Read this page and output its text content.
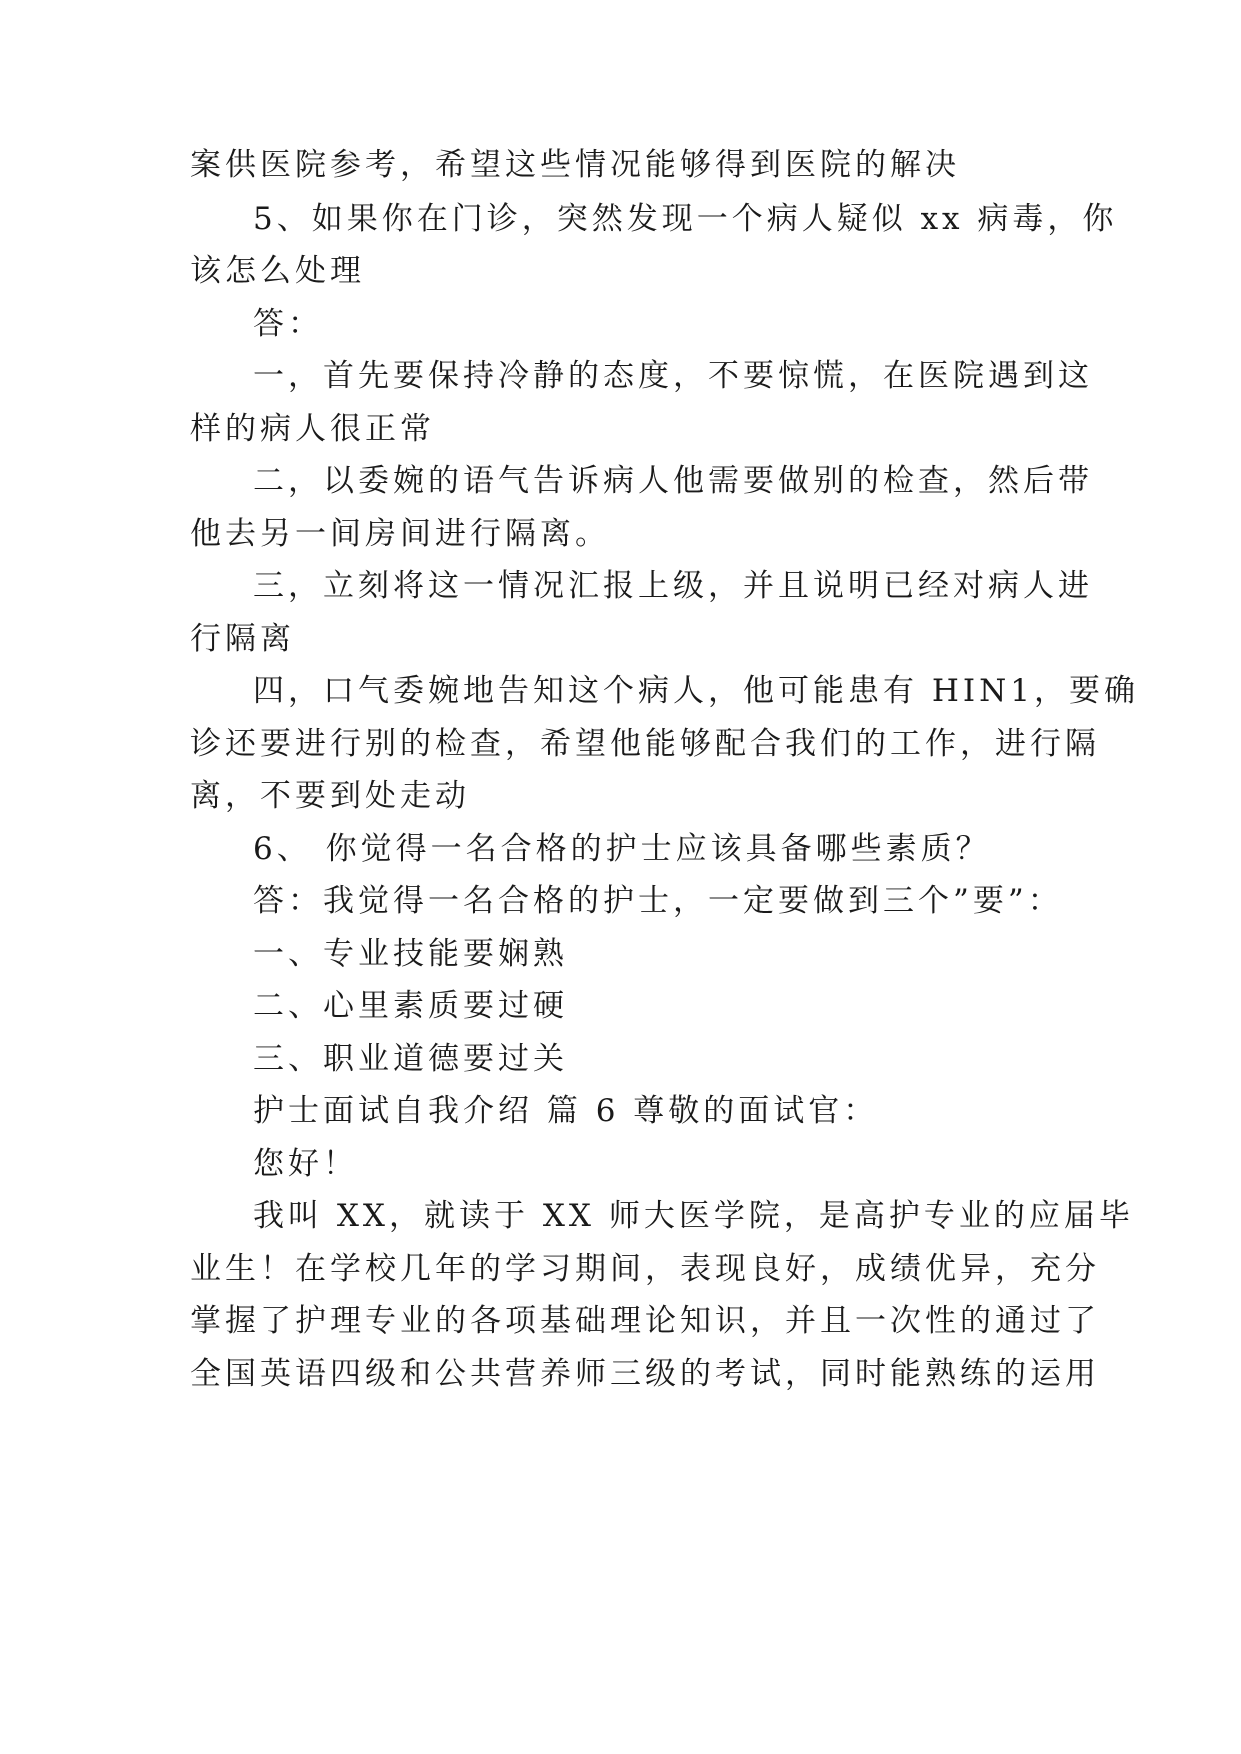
案供医院参考，希望这些情况能够得到医院的解决
5、如果你在门诊，突然发现一个病人疑似 xx 病毒，你
该怎么处理
答：
一，首先要保持冷静的态度，不要惊慌，在医院遇到这
样的病人很正常
二，以委婉的语气告诉病人他需要做别的检查，然后带
他去另一间房间进行隔离。
三，立刻将这一情况汇报上级，并且说明已经对病人进
行隔离
四，口气委婉地告知这个病人，他可能患有 HIN1，要确
诊还要进行别的检查，希望他能够配合我们的工作，进行隔
离，不要到处走动
6、 你觉得一名合格的护士应该具备哪些素质？
答：我觉得一名合格的护士，一定要做到三个”要”：
一、专业技能要娴熟
二、心里素质要过硬
三、职业道德要过关
护士面试自我介绍 篇 6 尊敬的面试官：
您好！
我叫 XX，就读于 XX 师大医学院，是高护专业的应届毕
业生！在学校几年的学习期间，表现良好，成绩优异，充分
掌握了护理专业的各项基础理论知识，并且一次性的通过了
全国英语四级和公共营养师三级的考试，同时能熟练的运用
